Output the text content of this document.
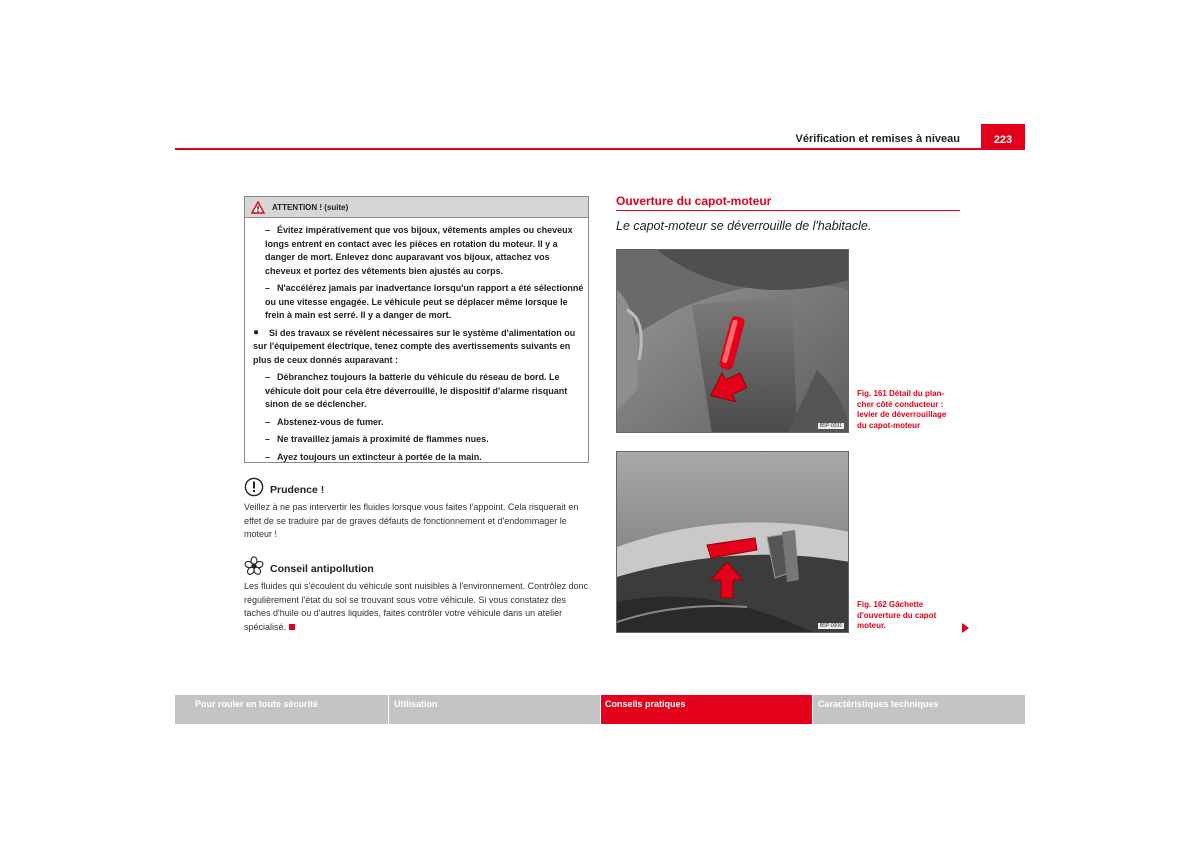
Vérification et remises à niveau	223
ATTENTION ! (suite)
– Évitez impérativement que vos bijoux, vêtements amples ou cheveux longs entrent en contact avec les pièces en rotation du moteur. Il y a danger de mort. Enlevez donc auparavant vos bijoux, attachez vos cheveux et portez des vêtements bien ajustés au corps.
– N'accélérez jamais par inadvertance lorsqu'un rapport a été sélectionné ou une vitesse engagée. Le véhicule peut se déplacer même lorsque le frein à main est serré. Il y a danger de mort.
●	Si des travaux se révèlent nécessaires sur le système d'alimentation ou sur l'équipement électrique, tenez compte des avertissements suivants en plus de ceux donnés auparavant :
– Débranchez toujours la batterie du véhicule du réseau de bord. Le véhicule doit pour cela être déverrouillé, le dispositif d'alarme risquant sinon de se déclencher.
– Abstenez-vous de fumer.
– Ne travaillez jamais à proximité de flammes nues.
– Ayez toujours un extincteur à portée de la main.
Prudence !
Veillez à ne pas intervertir les fluides lorsque vous faites l'appoint. Cela risquerait en effet de se traduire par de graves défauts de fonctionnement et d'endommager le moteur !
Conseil antipollution
Les fluides qui s'écoulent du véhicule sont nuisibles à l'environnement. Contrôlez donc régulièrement l'état du sol se trouvant sous votre véhicule. Si vous constatez des taches d'huile ou d'autres liquides, faites contrôler votre véhicule dans un atelier spécialisé.
Ouverture du capot-moteur
Le capot-moteur se déverrouille de l'habitacle.
B5P-0031
Fig. 161 Détail du plancher côté conducteur : levier de déverrouillage du capot-moteur
B5P-0006
Fig. 162 Gâchette d'ouverture du capot moteur.
Pour rouler en toute sécurité	Utilisation	Conseils pratiques	Caractéristiques techniques
